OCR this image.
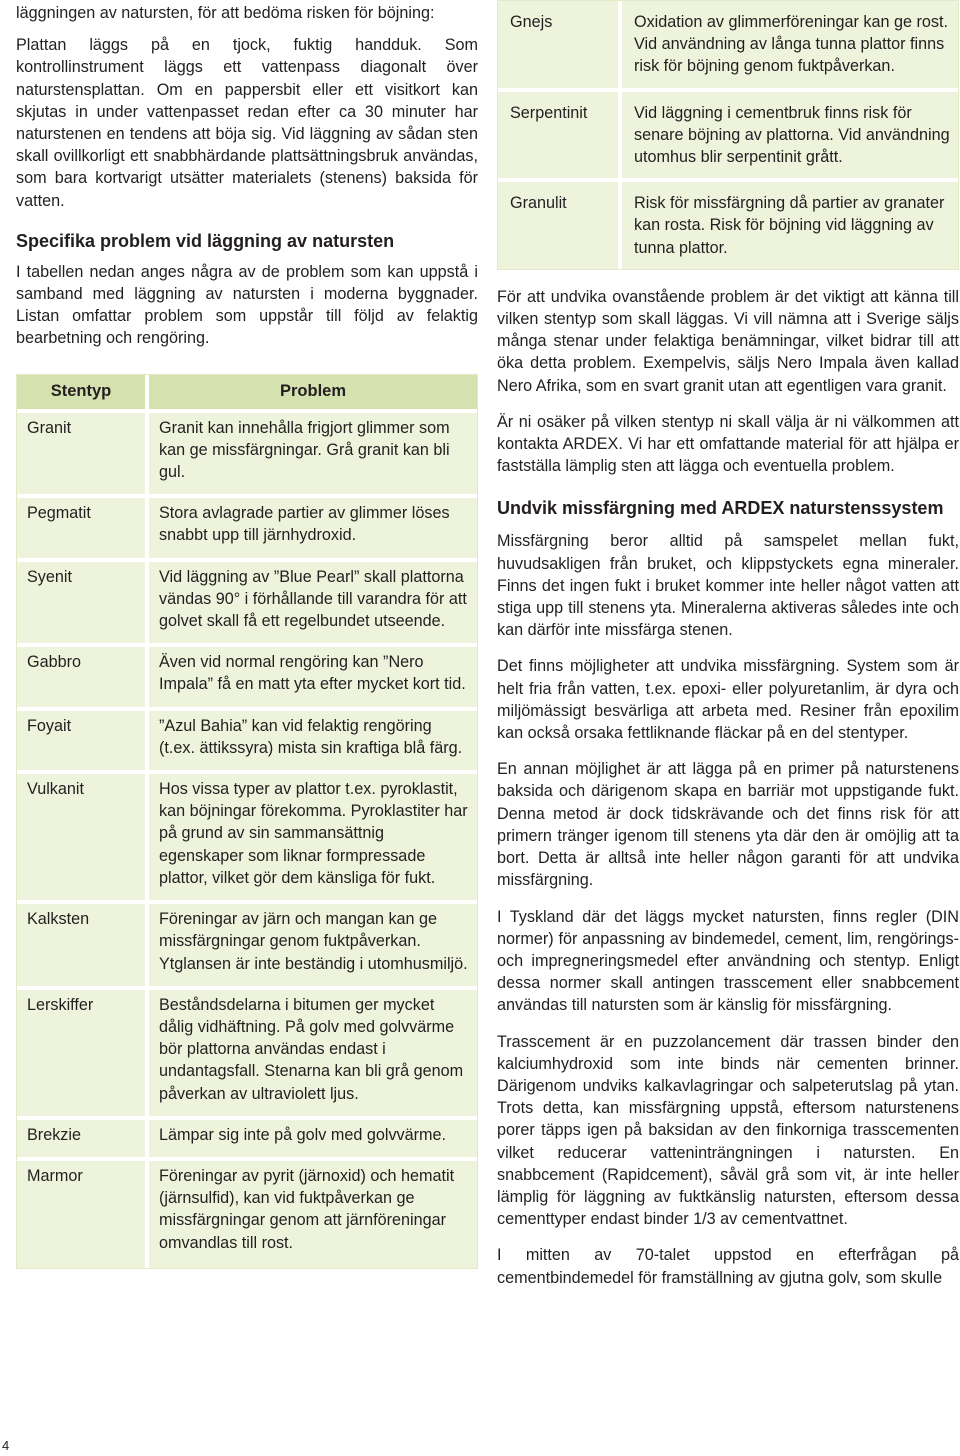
läggningen av natursten, för att bedöma risken för böjning:

Plattan läggs på en tjock, fuktig handduk. Som kontrollinstrument läggs ett vattenpass diagonalt över naturstensplattan. Om en pappersbit eller ett visitkort kan skjutas in under vattenpasset redan efter ca 30 minuter har naturstenen en tendens att böja sig. Vid läggning av sådan sten skall ovillkorligt ett snabbhärdande plattsättningsbruk användas, som bara kortvarigt utsätter materialets (stenens) baksida för vatten.

Specifika problem vid läggning av natursten

I tabellen nedan anges några av de problem som kan uppstå i samband med läggning av natursten i moderna byggnader. Listan omfattar problem som uppstår till följd av felaktig bearbetning och rengöring.

Stentyp	Problem
Granit	Granit kan innehålla frigjort glimmer som kan ge missfärgningar. Grå granit kan bli gul.
Pegmatit	Stora avlagrade partier av glimmer löses snabbt upp till järnhydroxid.
Syenit	Vid läggning av ”Blue Pearl” skall plattorna vändas 90° i förhållande till varandra för att golvet skall få ett regelbundet utseende.
Gabbro	Även vid normal rengöring kan ”Nero Impala” få en matt yta efter mycket kort tid.
Foyait	”Azul Bahia” kan vid felaktig rengöring (t.ex. ättikssyra) mista sin kraftiga blå färg.
Vulkanit	Hos vissa typer av plattor t.ex. pyroklastit, kan böjningar förekomma. Pyroklastiter har på grund av sin sammansättnig egenskaper som liknar formpressade plattor, vilket gör dem känsliga för fukt.
Kalksten	Föreningar av järn och mangan kan ge missfärgningar genom fuktpåverkan. Ytglansen är inte beständig i utomhusmiljö.
Lerskiffer	Beståndsdelarna i bitumen ger mycket dålig vidhäftning. På golv med golvvärme bör plattorna användas endast i undantagsfall. Stenarna kan bli grå genom påverkan av ultraviolett ljus.
Brekzie	Lämpar sig inte på golv med golvvärme.
Marmor	Föreningar av pyrit (järnoxid) och hematit (järnsulfid), kan vid fuktpåverkan ge missfärgningar genom att järnföreningar omvandlas till rost.
Gnejs	Oxidation av glimmerföreningar kan ge rost. Vid användning av långa tunna plattor finns risk för böjning genom fuktpåverkan.
Serpentinit	Vid läggning i cementbruk finns risk för senare böjning av plattorna. Vid användning utomhus blir serpentinit grått.
Granulit	Risk för missfärgning då partier av granater kan rosta. Risk för böjning vid läggning av tunna plattor.

För att undvika ovanstående problem är det viktigt att känna till vilken stentyp som skall läggas. Vi vill nämna att i Sverige säljs många stenar under felaktiga benämningar, vilket bidrar till att öka detta problem. Exempelvis, säljs Nero Impala även kallad Nero Afrika, som en svart granit utan att egentligen vara granit.

Är ni osäker på vilken stentyp ni skall välja är ni välkommen att kontakta ARDEX. Vi har ett omfattande material för att hjälpa er fastställa lämplig sten att lägga och eventuella problem.

Undvik missfärgning med ARDEX naturstenssystem

Missfärgning beror alltid på samspelet mellan fukt, huvudsakligen från bruket, och klippstyckets egna mineraler. Finns det ingen fukt i bruket kommer inte heller något vatten att stiga upp till stenens yta. Mineralerna aktiveras således inte och kan därför inte missfärga stenen.

Det finns möjligheter att undvika missfärgning. System som är helt fria från vatten, t.ex. epoxi- eller polyuretanlim, är dyra och miljömässigt besvärliga att arbeta med. Resiner från epoxilim kan också orsaka fettliknande fläckar på en del stentyper.

En annan möjlighet är att lägga på en primer på naturstenens baksida och därigenom skapa en barriär mot uppstigande fukt. Denna metod är dock tidskrävande och det finns risk för att primern tränger igenom till stenens yta där den är omöjlig att ta bort. Detta är alltså inte heller någon garanti för att undvika missfärgning.

I Tyskland där det läggs mycket natursten, finns regler (DIN normer) för anpassning av bindemedel, cement, lim, rengörings- och impregneringsmedel efter användning och stentyp. Enligt dessa normer skall antingen trasscement eller snabbcement användas till natursten som är känslig för missfärgning.

Trasscement är en puzzolancement där trassen binder den kalciumhydroxid som inte binds när cementen brinner. Därigenom undviks kalkavlagringar och salpeterutslag på ytan. Trots detta, kan missfärgning uppstå, eftersom naturstenens porer täpps igen på baksidan av den finkorniga trasscementen vilket reducerar vatteninträngningen i natursten. En snabbcement (Rapidcement), såväl grå som vit, är inte heller lämplig för läggning av fuktkänslig natursten, eftersom dessa cementtyper endast binder 1/3 av cementvattnet.

I mitten av 70-talet uppstod en efterfrågan på cementbindemedel för framställning av gjutna golv, som skulle

4
